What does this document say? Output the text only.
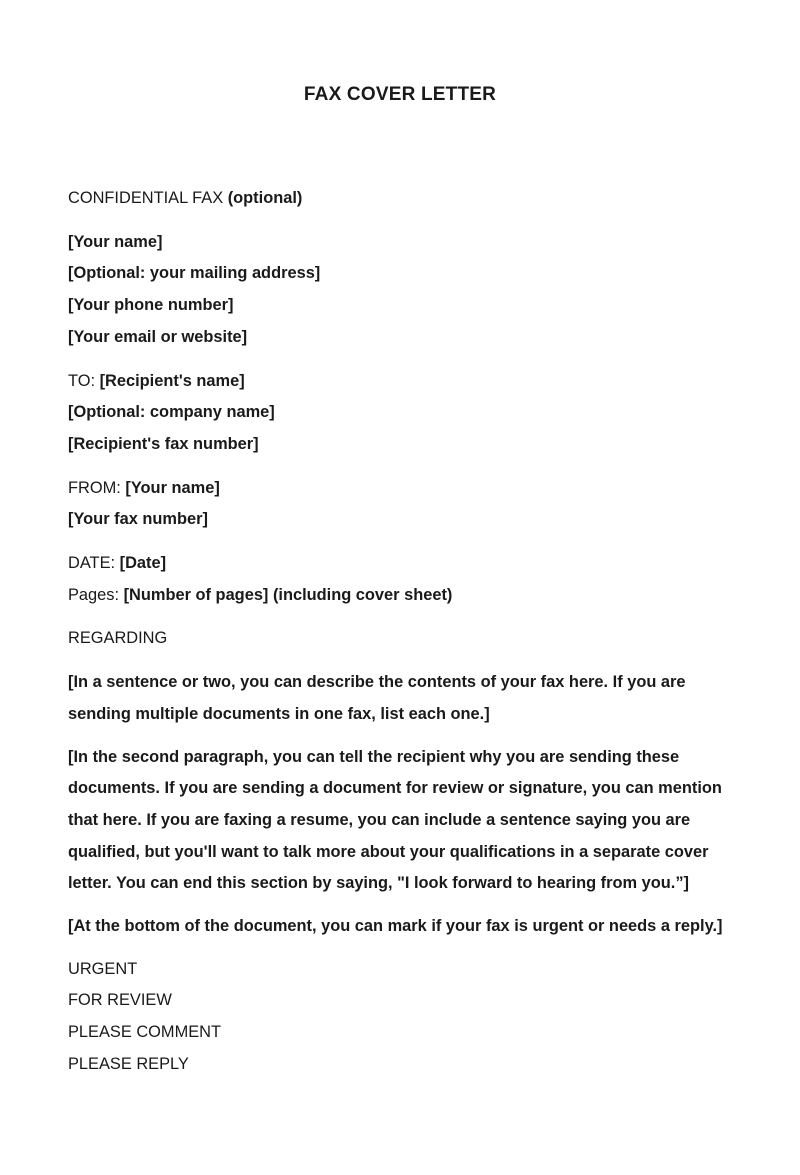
FAX COVER LETTER
CONFIDENTIAL FAX (optional)
[Your name]
[Optional: your mailing address]
[Your phone number]
[Your email or website]
TO: [Recipient's name]
[Optional: company name]
[Recipient's fax number]
FROM: [Your name]
[Your fax number]
DATE: [Date]
Pages: [Number of pages] (including cover sheet)
REGARDING
[In a sentence or two, you can describe the contents of your fax here. If you are sending multiple documents in one fax, list each one.]
[In the second paragraph, you can tell the recipient why you are sending these documents. If you are sending a document for review or signature, you can mention that here. If you are faxing a resume, you can include a sentence saying you are qualified, but you'll want to talk more about your qualifications in a separate cover letter. You can end this section by saying, "I look forward to hearing from you.”]
[At the bottom of the document, you can mark if your fax is urgent or needs a reply.]
URGENT
FOR REVIEW
PLEASE COMMENT
PLEASE REPLY
